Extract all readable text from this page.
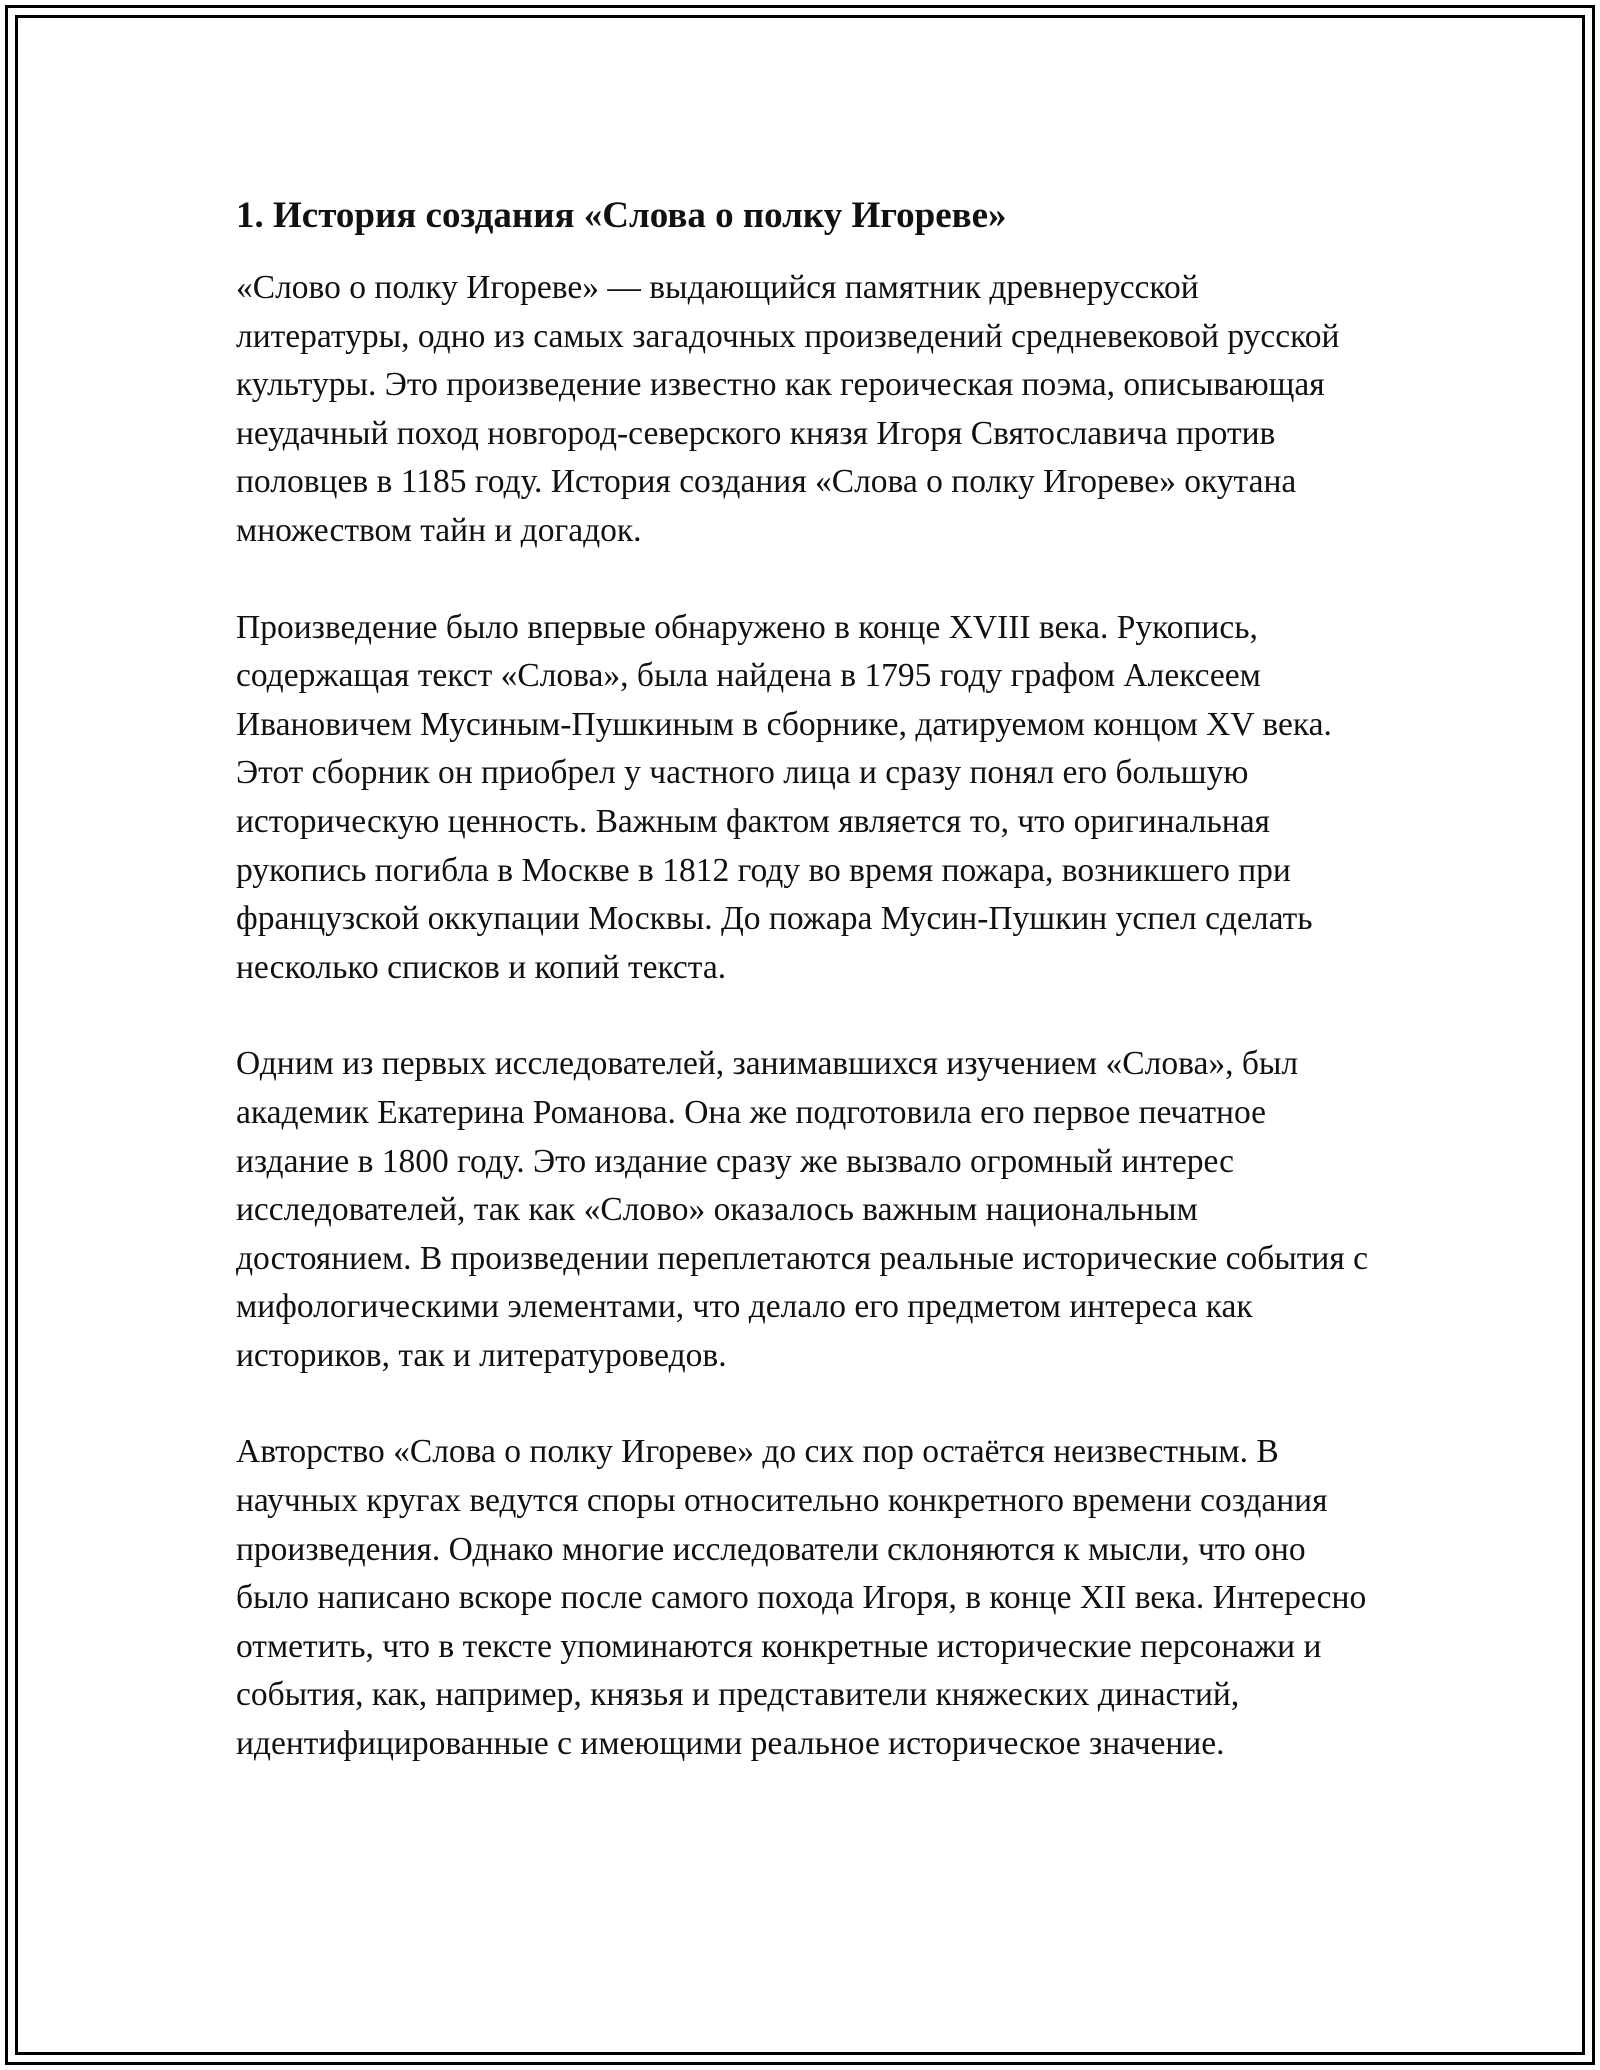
1. История создания «Слова о полку Игореве»

«Слово о полку Игореве» — выдающийся памятник древнерусской литературы, одно из самых загадочных произведений средневековой русской культуры. Это произведение известно как героическая поэма, описывающая неудачный поход новгород-северского князя Игоря Святославича против половцев в 1185 году. История создания «Слова о полку Игореве» окутана множеством тайн и догадок.

Произведение было впервые обнаружено в конце XVIII века. Рукопись, содержащая текст «Слова», была найдена в 1795 году графом Алексеем Ивановичем Мусиным-Пушкиным в сборнике, датируемом концом XV века. Этот сборник он приобрел у частного лица и сразу понял его большую историческую ценность. Важным фактом является то, что оригинальная рукопись погибла в Москве в 1812 году во время пожара, возникшего при французской оккупации Москвы. До пожара Мусин-Пушкин успел сделать несколько списков и копий текста.

Одним из первых исследователей, занимавшихся изучением «Слова», был академик Екатерина Романова. Она же подготовила его первое печатное издание в 1800 году. Это издание сразу же вызвало огромный интерес исследователей, так как «Слово» оказалось важным национальным достоянием. В произведении переплетаются реальные исторические события с мифологическими элементами, что делало его предметом интереса как историков, так и литературоведов.

Авторство «Слова о полку Игореве» до сих пор остаётся неизвестным. В научных кругах ведутся споры относительно конкретного времени создания произведения. Однако многие исследователи склоняются к мысли, что оно было написано вскоре после самого похода Игоря, в конце XII века. Интересно отметить, что в тексте упоминаются конкретные исторические персонажи и события, как, например, князья и представители княжеских династий, идентифицированные с имеющими реальное историческое значение.
